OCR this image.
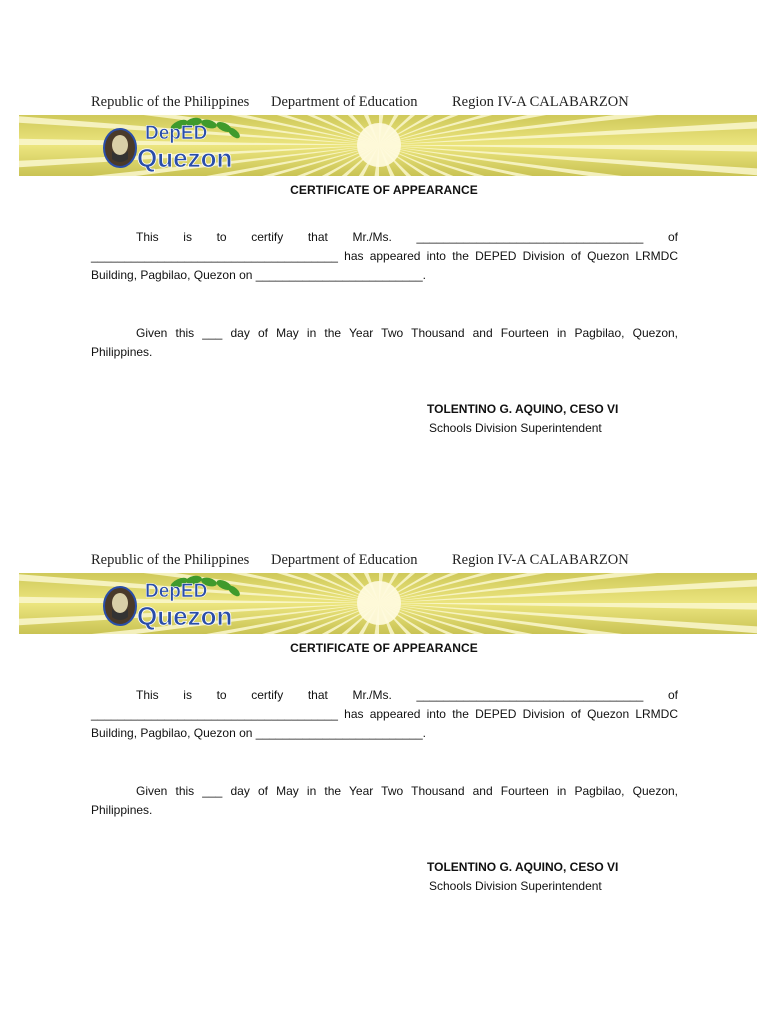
Republic of the Philippines Department of Education Region IV-A CALABARZON
DepED
Quezon
CERTIFICATE OF APPEARANCE
This is to certify that Mr./Ms. __________________________________ of
_____________________________________ has appeared into the DEPED Division of Quezon LRMDC
Building, Pagbilao, Quezon on _________________________.
Given this ___ day of May in the Year Two Thousand and Fourteen in Pagbilao, Quezon,
Philippines.
TOLENTINO G. AQUINO, CESO VI
Schools Division Superintendent
Republic of the Philippines Department of Education Region IV-A CALABARZON
DepED
Quezon
CERTIFICATE OF APPEARANCE
This is to certify that Mr./Ms. __________________________________ of
_____________________________________ has appeared into the DEPED Division of Quezon LRMDC
Building, Pagbilao, Quezon on _________________________.
Given this ___ day of May in the Year Two Thousand and Fourteen in Pagbilao, Quezon,
Philippines.
TOLENTINO G. AQUINO, CESO VI
Schools Division Superintendent
